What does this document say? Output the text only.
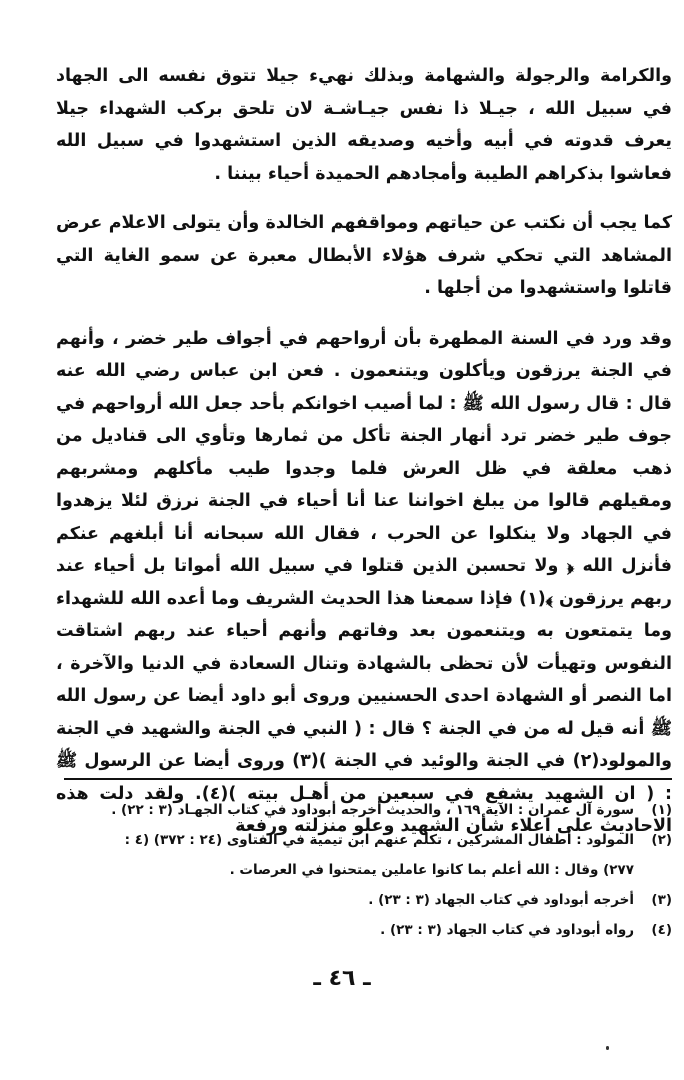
والكرامة والرجولة والشهامة وبذلك نهيء جيلا تتوق نفسه الى الجهاد في سبيل الله ، جيـلا ذا نفس جيـاشـة لان تلحق بركب الشهداء جيلا يعرف قدوته في أبيه وأخيه وصديقه الذين استشهدوا في سبيل الله فعاشوا بذكراهم الطيبة وأمجادهم الحميدة أحياء بيننا .

كما يجب أن نكتب عن حياتهم ومواقفهم الخالدة وأن يتولى الاعلام عرض المشاهد التي تحكي شرف هؤلاء الأبطال معبرة عن سمو الغاية التي قاتلوا واستشهدوا من أجلها .

وقد ورد في السنة المطهرة بأن أرواحهم في أجواف طير خضر ، وأنهم في الجنة يرزقون ويأكلون ويتنعمون . فعن ابن عباس رضي الله عنه قال : قال رسول الله ﷺ : لما أصيب اخوانكم بأحد جعل الله أرواحهم في جوف طير خضر ترد أنهار الجنة تأكل من ثمارها وتأوي الى قناديل من ذهب معلقة في ظل العرش فلما وجدوا طيب مأكلهم ومشربهم ومقيلهم قالوا من يبلغ اخواننا عنا أنا أحياء في الجنة نرزق لئلا يزهدوا في الجهاد ولا ينكلوا عن الحرب ، فقال الله سبحانه أنا أبلغهم عنكم فأنزل الله ﴿ ولا تحسبن الذين قتلوا في سبيل الله أمواتا بل أحياء عند ربهم يرزقون ﴾(١) فإذا سمعنا هذا الحديث الشريف وما أعده الله للشهداء وما يتمتعون به ويتنعمون بعد وفاتهم وأنهم أحياء عند ربهم اشتاقت النفوس وتهيأت لأن تحظى بالشهادة وتنال السعادة في الدنيا والآخرة ، اما النصر أو الشهادة احدى الحسنيين وروى أبو داود أيضا عن رسول الله ﷺ أنه قيل له من في الجنة ؟ قال : ( النبي في الجنة والشهيد في الجنة والمولود(٢) في الجنة والوئيد في الجنة )(٣) وروى أيضا عن الرسول ﷺ : ( ان الشهيد يشفع في سبعين من أهـل بيته )(٤). ولقد دلت هذه الاحاديث على اعلاء شأن الشهيد وعلو منزلته ورفعة

(١)
سورة آل عمران : الآية ١٦٩ ، والحديث أخرجه أبوداود في كتاب الجهـاد (٣ : ٢٢) .
(٢)
المولود : أطفال المشركين ، تكلم عنهم ابن تيمية في الفتاوى (٢٤ : ٣٧٢) (٤ : ٢٧٧) وقال : الله أعلم بما كانوا عاملين يمتحنوا في العرصات .
(٣)
أخرجه أبوداود في كتاب الجهاد (٣ : ٢٣) .
(٤)
رواه أبوداود في كتاب الجهاد (٣ : ٢٣) .
ـ ٤٦ ـ
